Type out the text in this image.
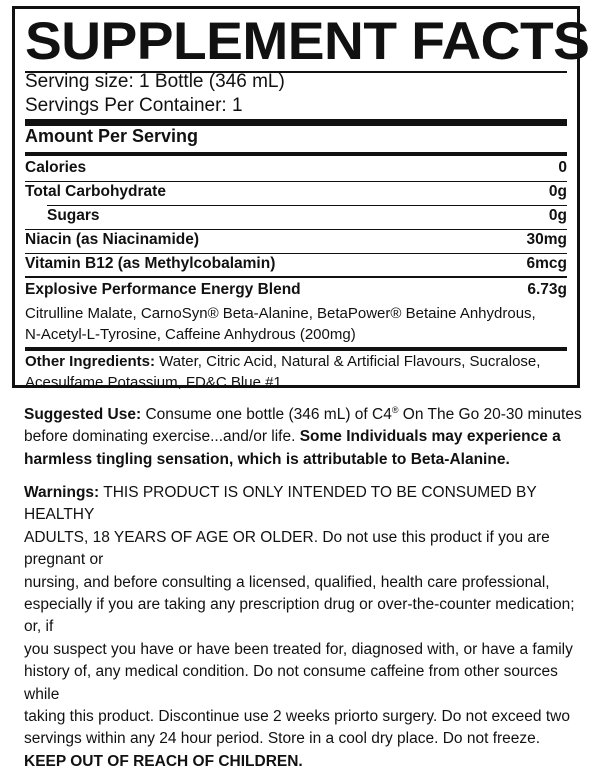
SUPPLEMENT FACTS
Serving size: 1 Bottle (346 mL)
Servings Per Container: 1
Amount Per Serving
Calories	0
Total Carbohydrate	0g
Sugars	0g
Niacin (as Niacinamide)	30mg
Vitamin B12 (as Methylcobalamin)	6mcg
Explosive Performance Energy Blend	6.73g
Citrulline Malate, CarnoSyn® Beta-Alanine, BetaPower® Betaine Anhydrous,
N-Acetyl-L-Tyrosine, Caffeine Anhydrous (200mg)
Other Ingredients: Water, Citric Acid, Natural & Artificial Flavours, Sucralose,
Acesulfame Potassium, FD&C Blue #1.
Suggested Use: Consume one bottle (346 mL) of C4® On The Go 20-30 minutes
before dominating exercise...and/or life. Some Individuals may experience a
harmless tingling sensation, which is attributable to Beta-Alanine.
Warnings: THIS PRODUCT IS ONLY INTENDED TO BE CONSUMED BY HEALTHY
ADULTS, 18 YEARS OF AGE OR OLDER. Do not use this product if you are pregnant or
nursing, and before consulting a licensed, qualified, health care professional,
especially if you are taking any prescription drug or over-the-counter medication; or, if
you suspect you have or have been treated for, diagnosed with, or have a family
history of, any medical condition. Do not consume caffeine from other sources while
taking this product. Discontinue use 2 weeks priorto surgery. Do not exceed two
servings within any 24 hour period. Store in a cool dry place. Do not freeze.
KEEP OUT OF REACH OF CHILDREN.
